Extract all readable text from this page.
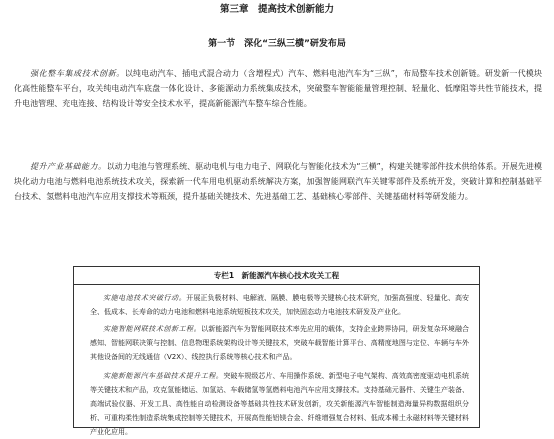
第三章　提高技术创新能力
第一节　深化“三纵三横”研发布局

强化整车集成技术创新。以纯电动汽车、插电式混合动力（含增程式）汽车、燃料电池汽车为“三纵”，布局整车技术创新链。研发新一代模块化高性能整车平台，攻关纯电动汽车底盘一体化设计、多能源动力系统集成技术，突破整车智能能量管理控制、轻量化、低摩阻等共性节能技术，提升电池管理、充电连接、结构设计等安全技术水平，提高新能源汽车整车综合性能。

提升产业基础能力。以动力电池与管理系统、驱动电机与电力电子、网联化与智能化技术为“三横”，构建关键零部件技术供给体系。开展先进模块化动力电池与燃料电池系统技术攻关，探索新一代车用电机驱动系统解决方案，加强智能网联汽车关键零部件及系统开发，突破计算和控制基础平台技术、氢燃料电池汽车应用支撑技术等瓶颈，提升基础关键技术、先进基础工艺、基础核心零部件、关键基础材料等研发能力。

专栏1　新能源汽车核心技术攻关工程

实施电池技术突破行动。开展正负极材料、电解液、隔膜、膜电极等关键核心技术研究，加强高强度、轻量化、高安全、低成本、长寿命的动力电池和燃料电池系统短板技术攻关，加快固态动力电池技术研发及产业化。

实施智能网联技术创新工程。以新能源汽车为智能网联技术率先应用的载体，支持企业跨界协同，研发复杂环境融合感知、智能网联决策与控制、信息物理系统架构设计等关键技术，突破车载智能计算平台、高精度地图与定位、车辆与车外其他设备间的无线通信（V2X）、线控执行系统等核心技术和产品。

实施新能源汽车基础技术提升工程。突破车规级芯片、车用操作系统、新型电子电气架构、高效高密度驱动电机系统等关键技术和产品，攻克氢能储运、加氢站、车载储氢等氢燃料电池汽车应用支撑技术。支持基础元器件、关键生产装备、高端试验仪器、开发工具、高性能自动检测设备等基础共性技术研发创新，攻关新能源汽车智能制造海量异构数据组织分析、可重构柔性制造系统集成控制等关键技术，开展高性能铝镁合金、纤维增强复合材料、低成本稀土永磁材料等关键材料产业化应用。
